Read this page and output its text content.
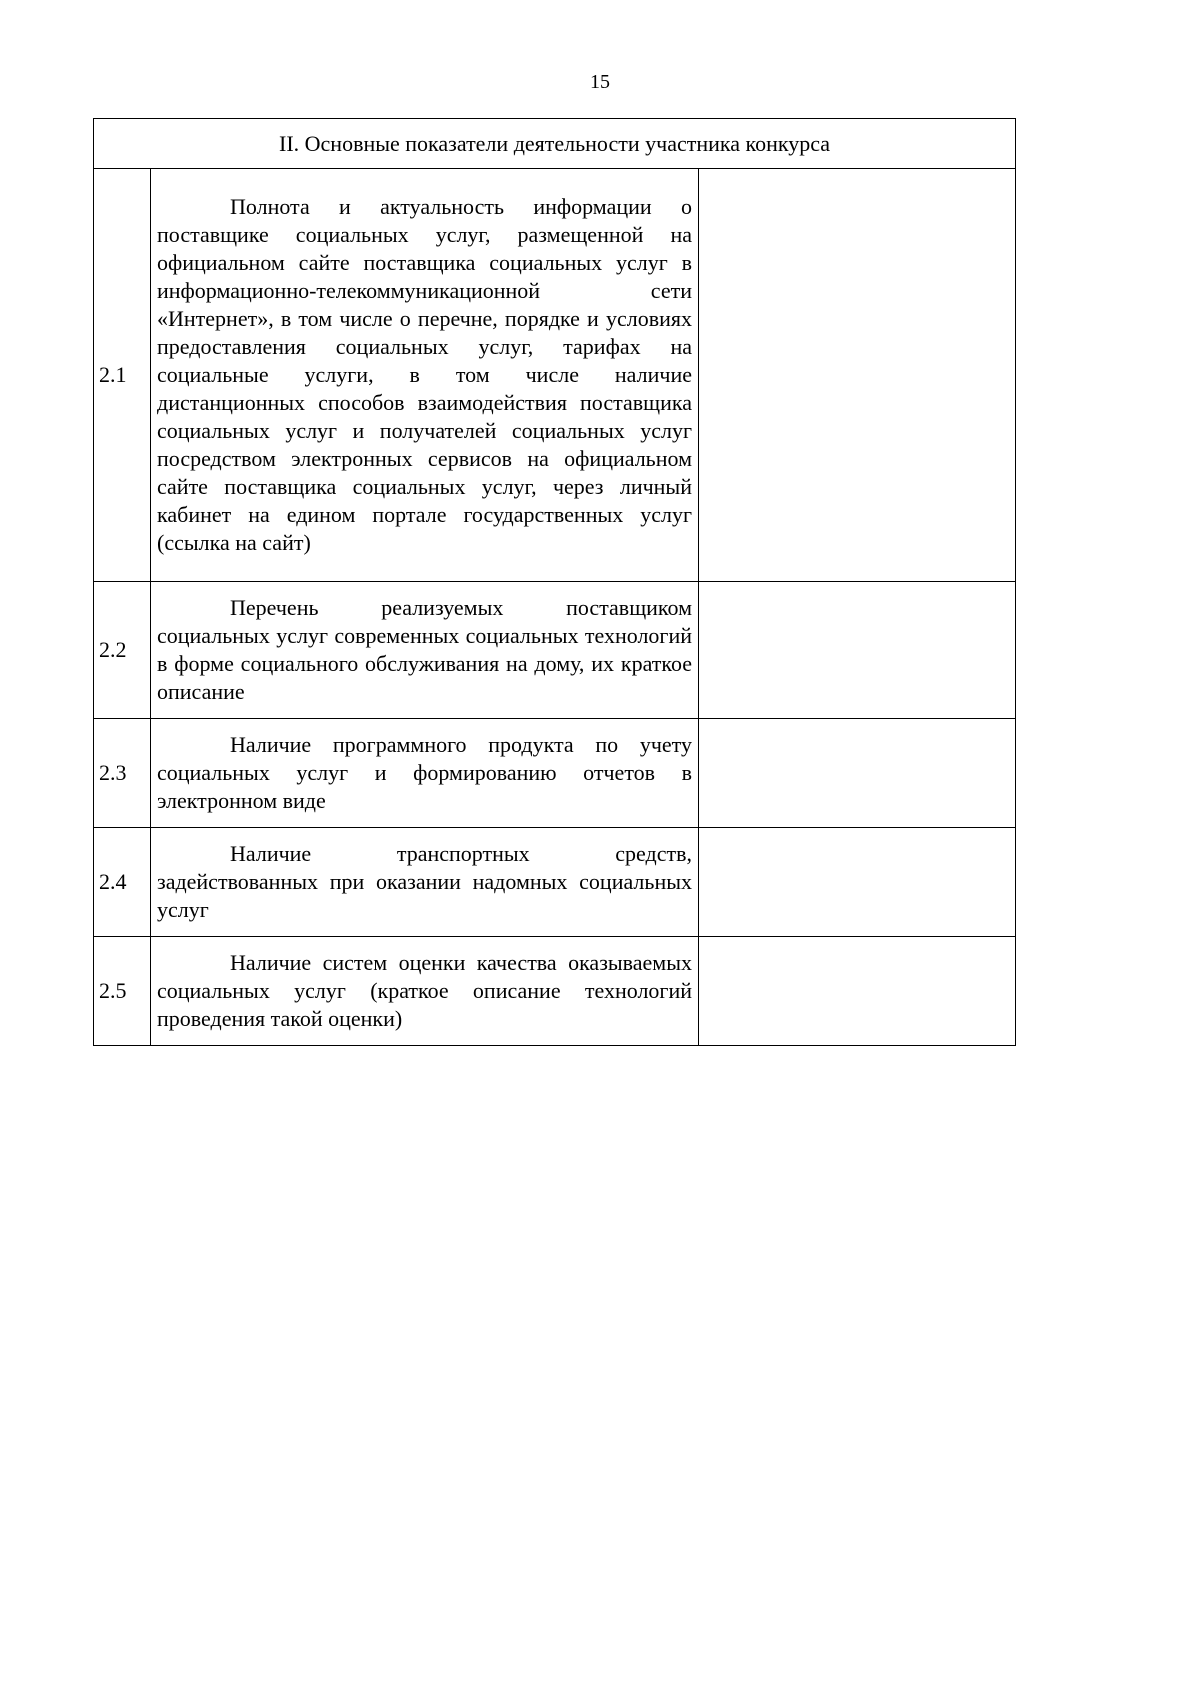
15
II. Основные показатели деятельности участника конкурса		
2.1	Полнота и актуальность информации о поставщике социальных услуг, размещенной на официальном сайте поставщика социальных услуг в информационно-телекоммуникационной сети «Интернет», в том числе о перечне, порядке и условиях предоставления социальных услуг, тарифах на социальные услуги, в том числе наличие дистанционных способов взаимодействия поставщика социальных услуг и получателей социальных услуг посредством электронных сервисов на официальном сайте поставщика социальных услуг, через личный кабинет на едином портале государственных услуг (ссылка на сайт)	

2.2	Перечень реализуемых поставщиком социальных услуг современных социальных технологий в форме социального обслуживания на дому, их краткое описание	

2.3	Наличие программного продукта по учету социальных услуг и формированию отчетов в электронном виде	

2.4	Наличие транспортных средств, задействованных при оказании надомных социальных услуг	

2.5	Наличие систем оценки качества оказываемых социальных услуг (краткое описание технологий проведения такой оценки)	
